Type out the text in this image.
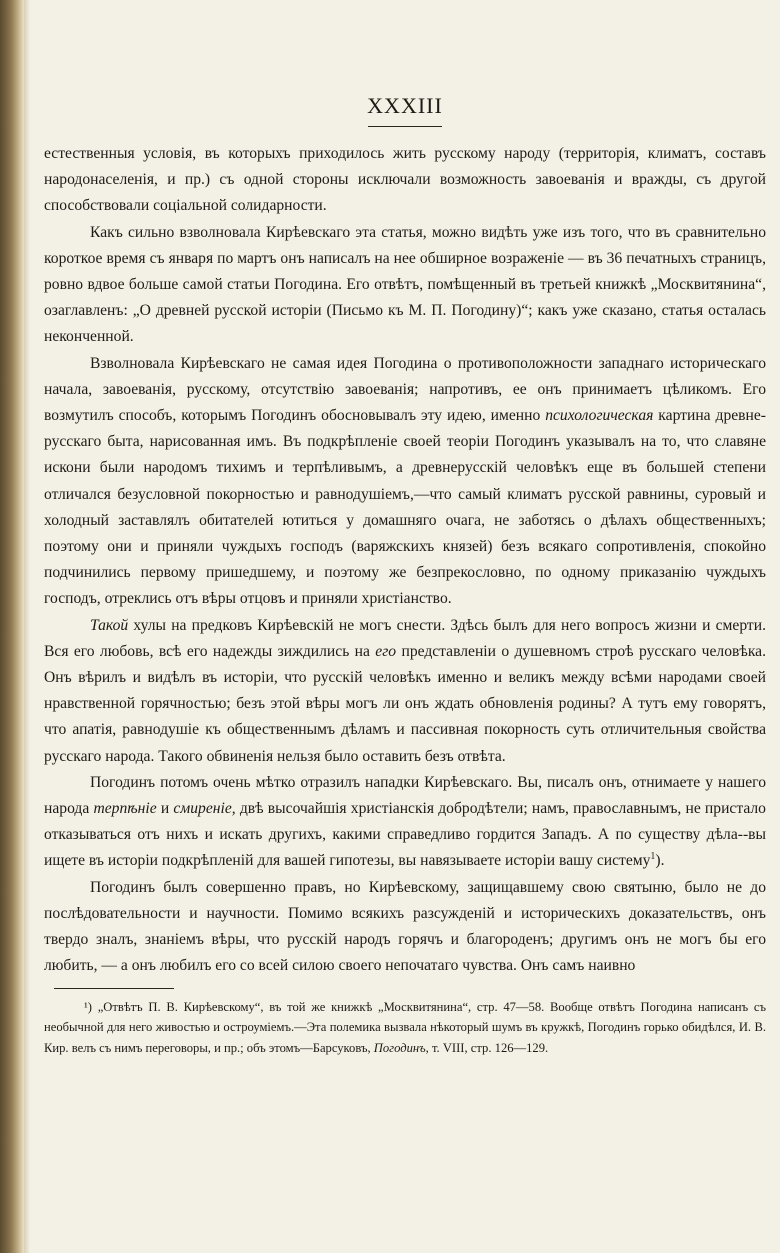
XXXIII

естественныя условія, въ которыхъ приходилось жить русскому народу (территорія, климатъ, составъ народонаселенія, и пр.) съ одной стороны исключали возможность завоеванія и вражды, съ другой способствовали соціальной солидарности.

Какъ сильно взволновала Кирѣевскаго эта статья, можно видѣть уже изъ того, что въ сравнительно короткое время съ января по мартъ онъ написалъ на нее обширное возраженіе — въ 36 печатныхъ страницъ, ровно вдвое больше самой статьи Погодина. Его отвѣтъ, помѣщенный въ третьей книжкѣ „Москвитянина“, озаглавленъ: „О древней русской исторіи (Письмо къ М. П. Погодину)“; какъ уже сказано, статья осталась неконченной.

Взволновала Кирѣевскаго не самая идея Погодина о противоположности западнаго историческаго начала, завоеванія, русскому, отсутствію завоеванія; напротивъ, ее онъ принимаетъ цѣликомъ. Его возмутилъ способъ, которымъ Погодинъ обосновывалъ эту идею, именно психологическая картина древне-русскаго быта, нарисованная имъ. Въ подкрѣпленіе своей теоріи Погодинъ указывалъ на то, что славяне искони были народомъ тихимъ и терпѣливымъ, а древнерусскій человѣкъ еще въ большей степени отличался безусловной покорностью и равнодушіемъ,—что самый климатъ русской равнины, суровый и холодный заставлялъ обитателей ютиться у домашняго очага, не заботясь о дѣлахъ общественныхъ; поэтому они и приняли чуждыхъ господъ (варяжскихъ князей) безъ всякаго сопротивленія, спокойно подчинились первому пришедшему, и поэтому же безпрекословно, по одному приказанію чуждыхъ господъ, отреклись отъ вѣры отцовъ и приняли христіанство.

Такой хулы на предковъ Кирѣевскій не могъ снести. Здѣсь былъ для него вопросъ жизни и смерти. Вся его любовь, всѣ его надежды зиждились на его представленіи о душевномъ строѣ русскаго человѣка. Онъ вѣрилъ и видѣлъ въ исторіи, что русскій человѣкъ именно и великъ между всѣми народами своей нравственной горячностью; безъ этой вѣры могъ ли онъ ждать обновленія родины? А тутъ ему говорятъ, что апатія, равнодушіе къ общественнымъ дѣламъ и пассивная покорность суть отличительныя свойства русскаго народа. Такого обвиненія нельзя было оставить безъ отвѣта.

Погодинъ потомъ очень мѣтко отразилъ нападки Кирѣевскаго. Вы, писалъ онъ, отнимаете у нашего народа терпѣніе и смиреніе, двѣ высочайшія христіанскія добродѣтели; намъ, православнымъ, не пристало отказываться отъ нихъ и искать другихъ, какими справедливо гордится Западъ. А по существу дѣла--вы ищете въ исторіи подкрѣпленій для вашей гипотезы, вы навязываете исторіи вашу систему$^1$).

Погодинъ былъ совершенно правъ, но Кирѣевскому, защищавшему свою святыню, было не до послѣдовательности и научности. Помимо всякихъ разсужденій и историческихъ доказательствъ, онъ твердо зналъ, знаніемъ вѣры, что русскій народъ горячъ и благороденъ; другимъ онъ не могъ бы его любить, — а онъ любилъ его со всей силою своего непочатаго чувства. Онъ самъ наивно

¹) „Отвѣтъ П. В. Кирѣевскому“, въ той же книжкѣ „Москвитянина“, стр. 47—58. Вообще отвѣтъ Погодина написанъ съ необычной для него живостью и остроуміемъ.—Эта полемика вызвала нѣкоторый шумъ въ кружкѣ, Погодинъ горько обидѣлся, И. В. Кир. велъ съ нимъ переговоры, и пр.; объ этомъ—Барсуковъ, Погодинъ, т. VIII, стр. 126—129.
